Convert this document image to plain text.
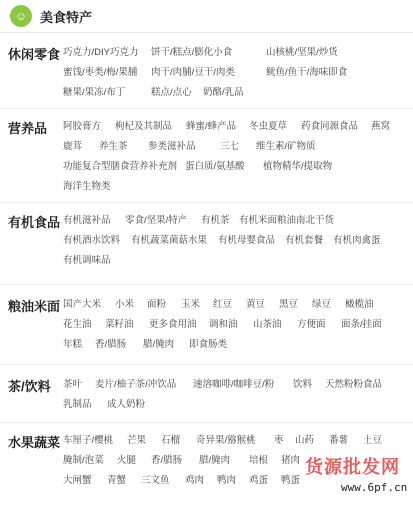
☺ 美食特产
休闲零食 巧克力/DIY巧克力 饼干/糕点/膨化小食	山核桃/坚果/炒货
蜜饯/枣类/梅/果脯 肉干/肉脯/豆干/肉类	鱿鱼/鱼干/海味即食
糖果/果冻/布丁	糕点/点心 奶酪/乳品
营养品	阿胶膏方 枸杞及其制品 蜂蜜/蜂产品 冬虫夏草 药食同源食品 燕窝
鹿茸 养生茶 参类滋补品	三七 维生素/矿物质
功能复合型膳食营养补充剂 蛋白质/氨基酸 植物精华/提取物
海洋生物类
有机食品 有机滋补品 零食/坚果/特产 有机茶 有机米面粮油南北干货
有机酒水饮料 有机蔬菜菌菇水果 有机母婴食品 有机套餐 有机肉禽蛋
有机调味品
粮油米面 国产大米 小米 面粉 玉米 红豆 黄豆 黑豆 绿豆 橄榄油
花生油 菜籽油 更多食用油 调和油 山茶油 方便面 面条/挂面
年糕 香/腊肠 腊/腌肉 即食肠类
茶/饮料	茶叶 麦片/柚子茶/冲饮品 速溶咖啡/咖啡豆/粉 饮料 天然粉粉食品
乳制品 成人奶粉
水果蔬菜 车厘子/樱桃 芒果 石榴 奇异果/猕猴桃 枣 山药 番薯 土豆
腌制/泡菜 火腿 香/腊肠 腊/腌肉 培根 猪肉
大闸蟹 青蟹 三文鱼 鸡肉 鸭肉 鸡蛋 鸭蛋
货源批发网
www.6pf.cn
